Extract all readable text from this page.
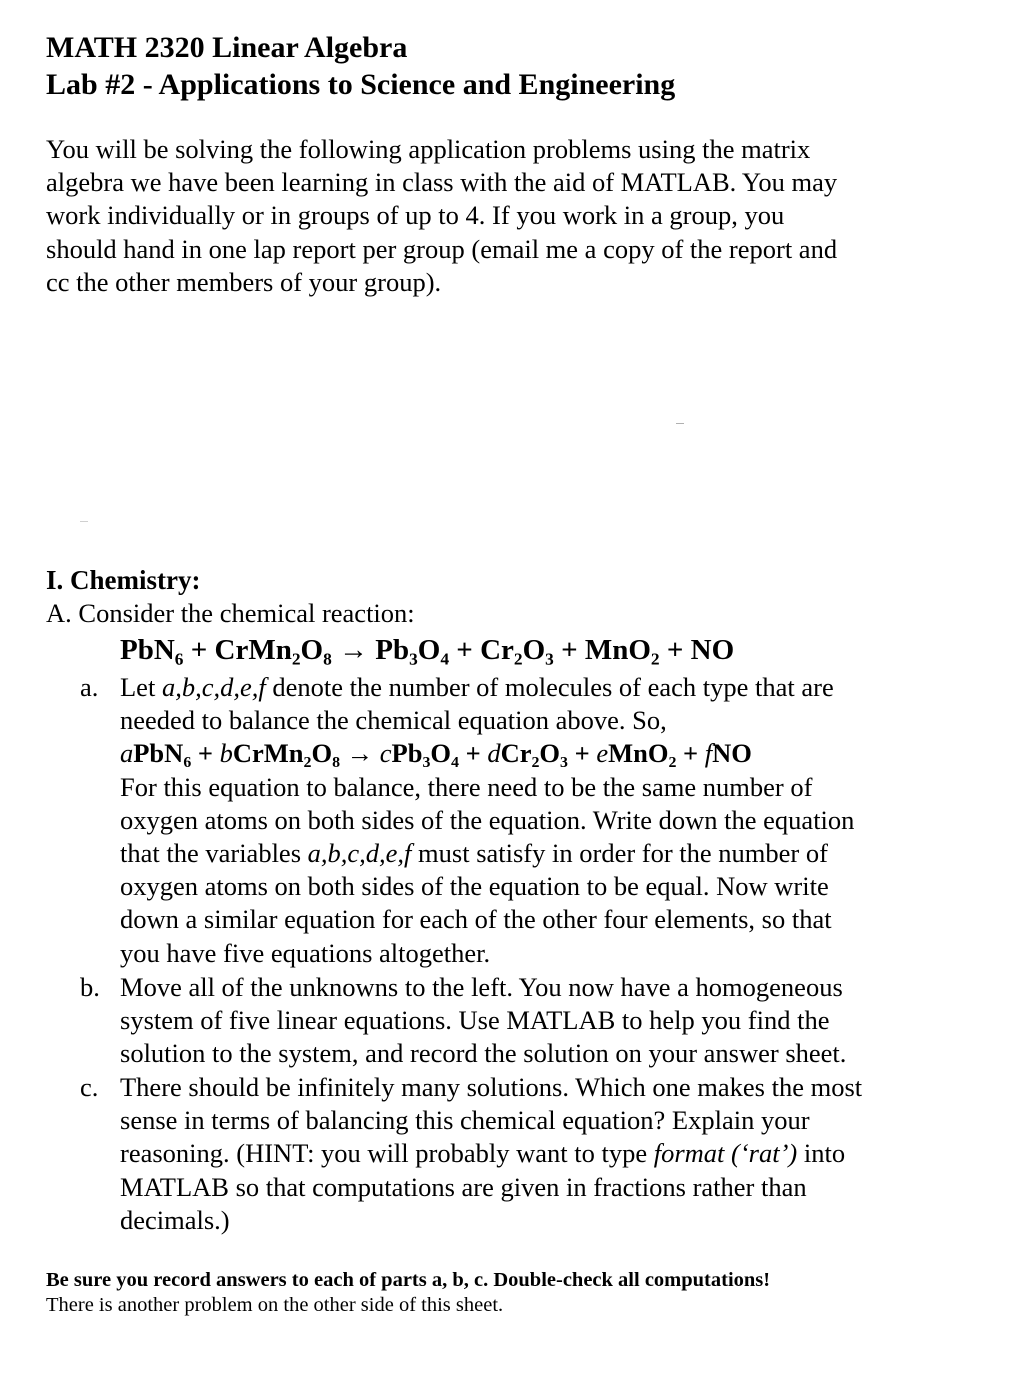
MATH 2320 Linear Algebra
Lab #2 - Applications to Science and Engineering
You will be solving the following application problems using the matrix
algebra we have been learning in class with the aid of MATLAB. You may
work individually or in groups of up to 4. If you work in a group, you
should hand in one lap report per group (email me a copy of the report and
cc the other members of your group).
I. Chemistry:
A. Consider the chemical reaction:
PbN₆ + CrMn₂O₈ → Pb₃O₄ + Cr₂O₃ + MnO₂ + NO
a. Let a,b,c,d,e,f denote the number of molecules of each type that are
needed to balance the chemical equation above. So,
aPbN₆ + bCrMn₂O₈ → cPb₃O₄ + dCr₂O₃ + eMnO₂ + fNO
For this equation to balance, there need to be the same number of
oxygen atoms on both sides of the equation. Write down the equation
that the variables a,b,c,d,e,f must satisfy in order for the number of
oxygen atoms on both sides of the equation to be equal. Now write
down a similar equation for each of the other four elements, so that
you have five equations altogether.
b. Move all of the unknowns to the left. You now have a homogeneous
system of five linear equations. Use MATLAB to help you find the
solution to the system, and record the solution on your answer sheet.
c. There should be infinitely many solutions. Which one makes the most
sense in terms of balancing this chemical equation? Explain your
reasoning. (HINT: you will probably want to type format (‘rat’) into
MATLAB so that computations are given in fractions rather than
decimals.)
Be sure you record answers to each of parts a, b, c. Double-check all computations!
There is another problem on the other side of this sheet.
